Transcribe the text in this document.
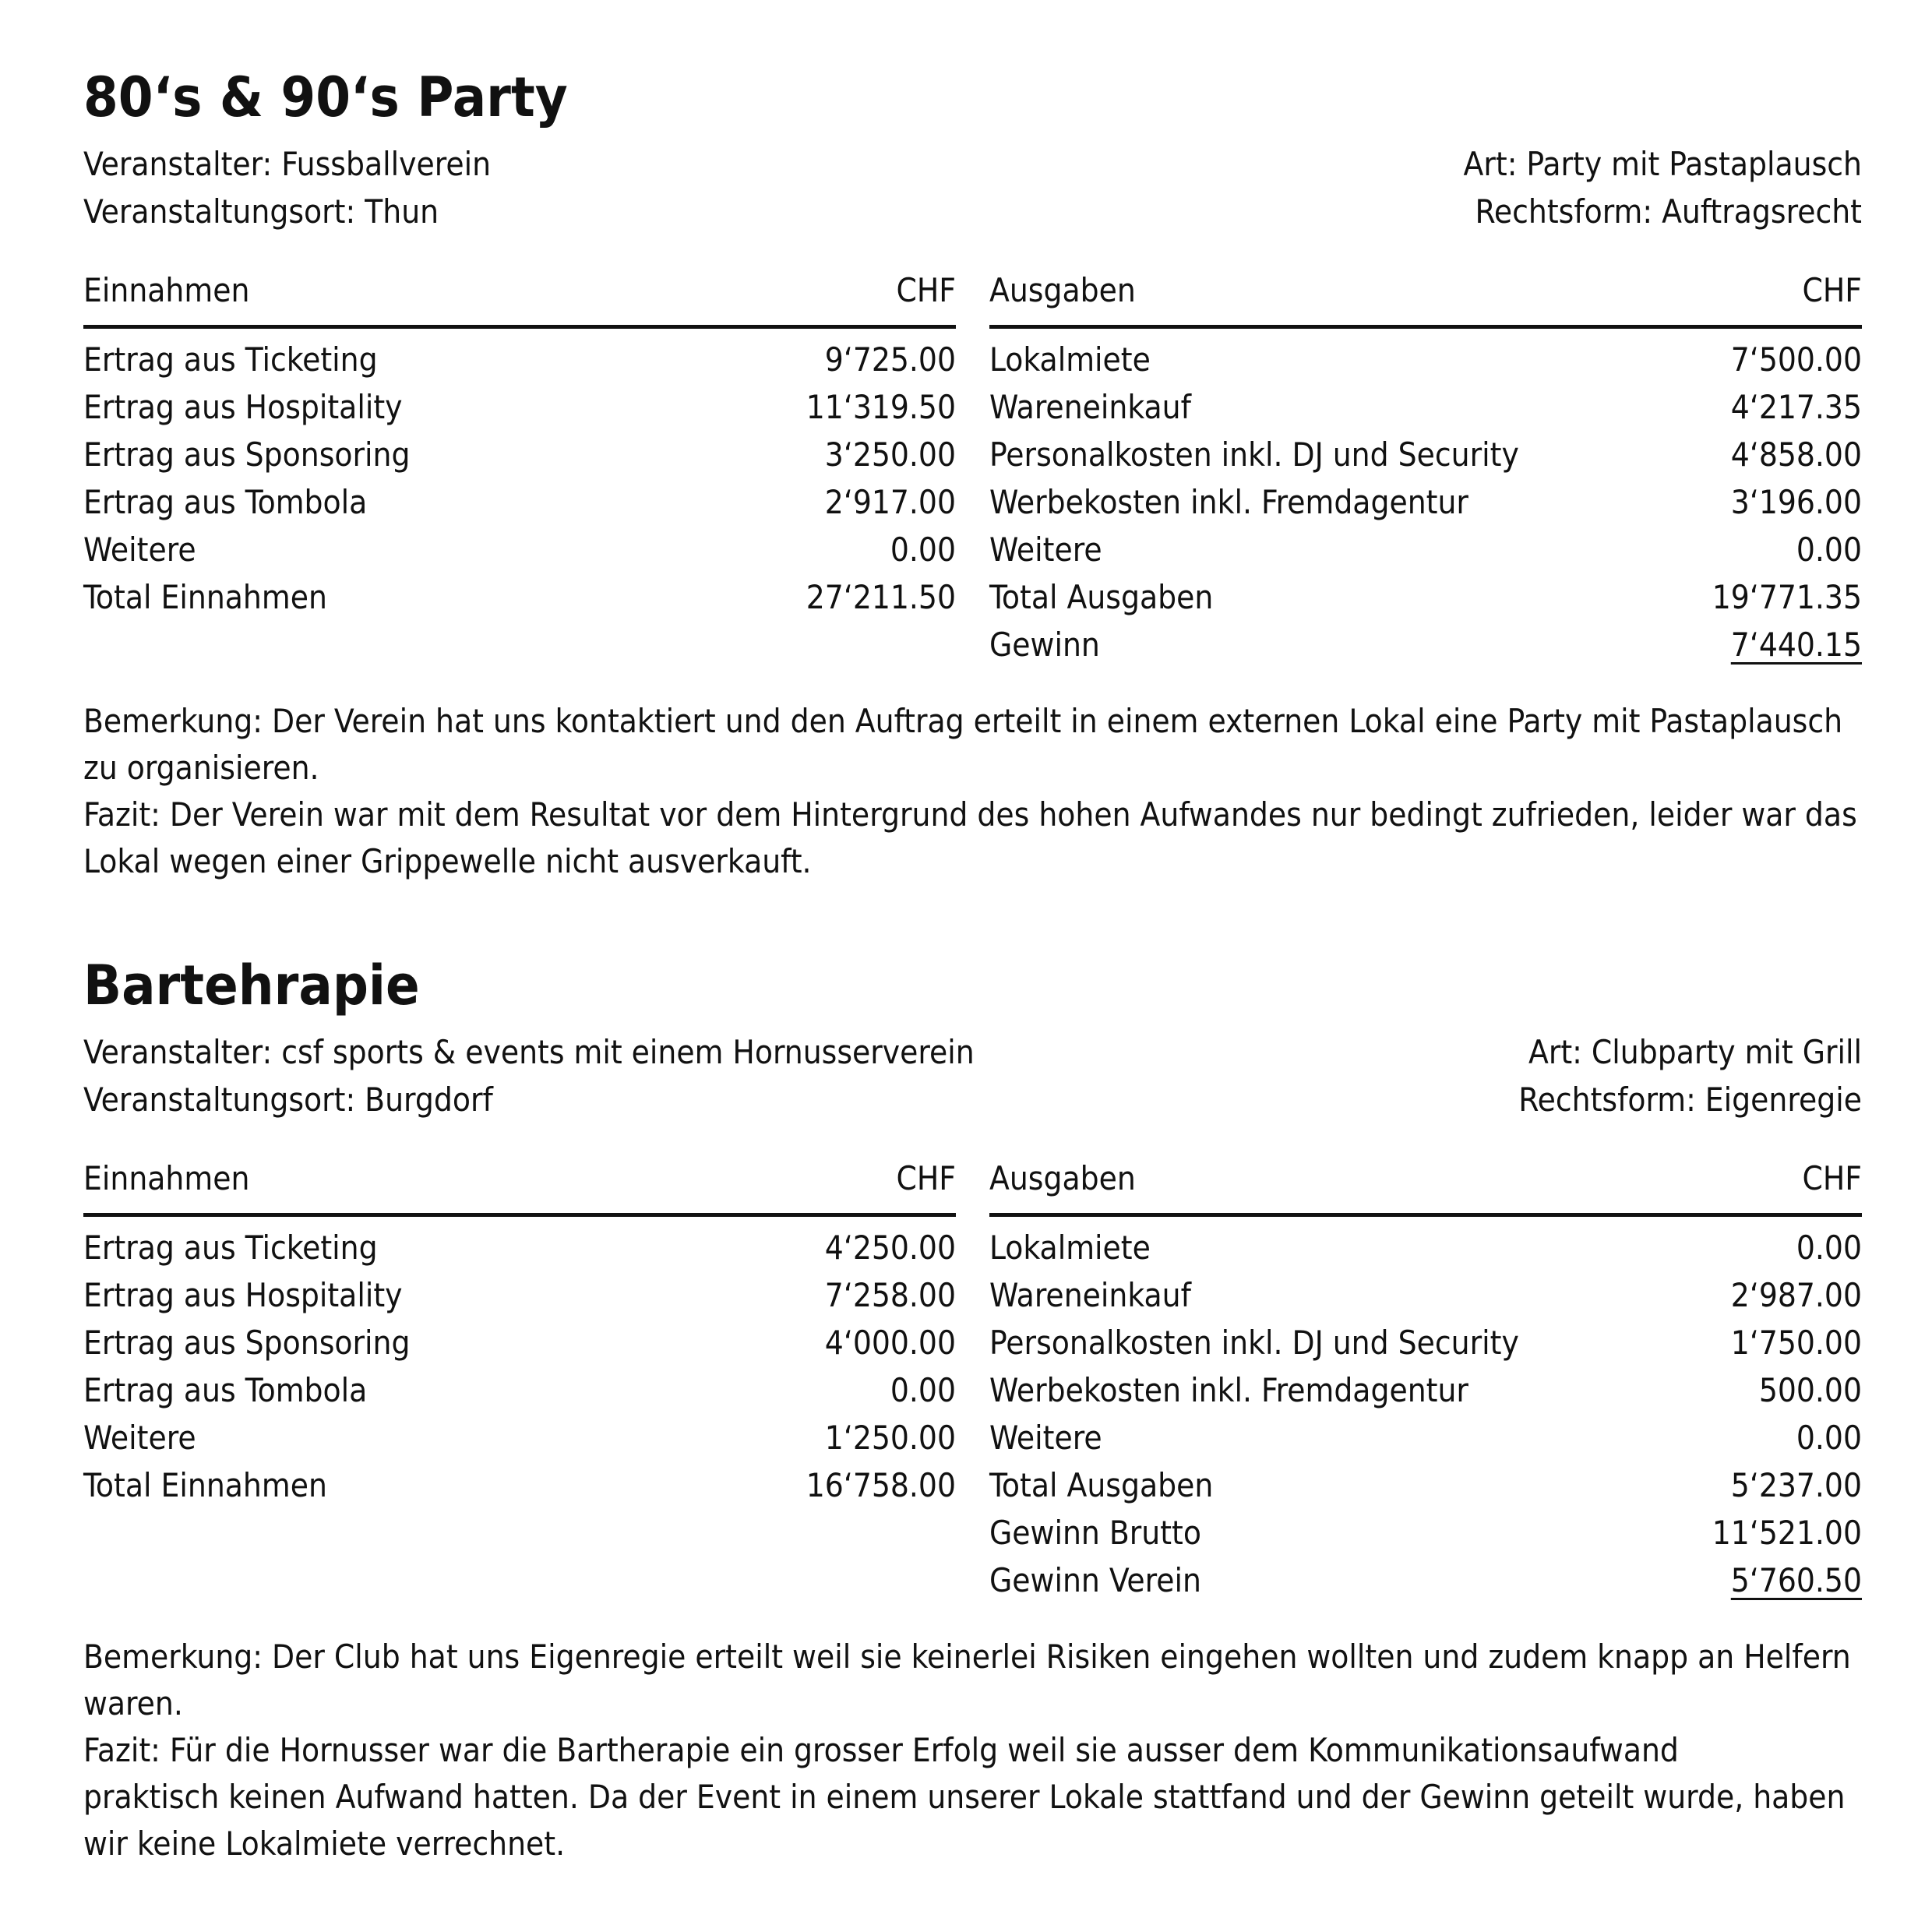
80‘s & 90‘s Party
Veranstalter: Fussballverein
Veranstaltungsort: Thun
Art: Party mit Pastaplausch
Rechtsform: Auftragsrecht
Einnahmen	CHF
Ertrag aus Ticketing	9‘725.00
Ertrag aus Hospitality	11‘319.50
Ertrag aus Sponsoring	3‘250.00
Ertrag aus Tombola	2‘917.00
Weitere	0.00
Total Einnahmen	27‘211.50
Ausgaben	CHF
Lokalmiete	7‘500.00
Wareneinkauf	4‘217.35
Personalkosten inkl. DJ und Security	4‘858.00
Werbekosten inkl. Fremdagentur	3‘196.00
Weitere	0.00
Total Ausgaben	19‘771.35
Gewinn	7‘440.15

Bemerkung: Der Verein hat uns kontaktiert und den Auftrag erteilt in einem externen Lokal eine Party mit Pastaplausch zu organisieren.

Fazit: Der Verein war mit dem Resultat vor dem Hintergrund des hohen Aufwandes nur bedingt zufrieden, leider war das Lokal wegen einer Grippewelle nicht ausverkauft.

Bartehrapie
Veranstalter: csf sports & events mit einem Hornusserverein
Veranstaltungsort: Burgdorf
Art: Clubparty mit Grill
Rechtsform: Eigenregie
Einnahmen	CHF
Ertrag aus Ticketing	4‘250.00
Ertrag aus Hospitality	7‘258.00
Ertrag aus Sponsoring	4‘000.00
Ertrag aus Tombola	0.00
Weitere	1‘250.00
Total Einnahmen	16‘758.00
Ausgaben	CHF
Lokalmiete	0.00
Wareneinkauf	2‘987.00
Personalkosten inkl. DJ und Security	1‘750.00
Werbekosten inkl. Fremdagentur	500.00
Weitere	0.00
Total Ausgaben	5‘237.00
Gewinn Brutto	11‘521.00
Gewinn Verein	5‘760.50

Bemerkung: Der Club hat uns Eigenregie erteilt weil sie keinerlei Risiken eingehen wollten und zudem knapp an Helfern waren.

Fazit: Für die Hornusser war die Bartherapie ein grosser Erfolg weil sie ausser dem Kommunikationsaufwand

praktisch keinen Aufwand hatten. Da der Event in einem unserer Lokale stattfand und der Gewinn geteilt wurde, haben wir keine Lokalmiete verrechnet.
